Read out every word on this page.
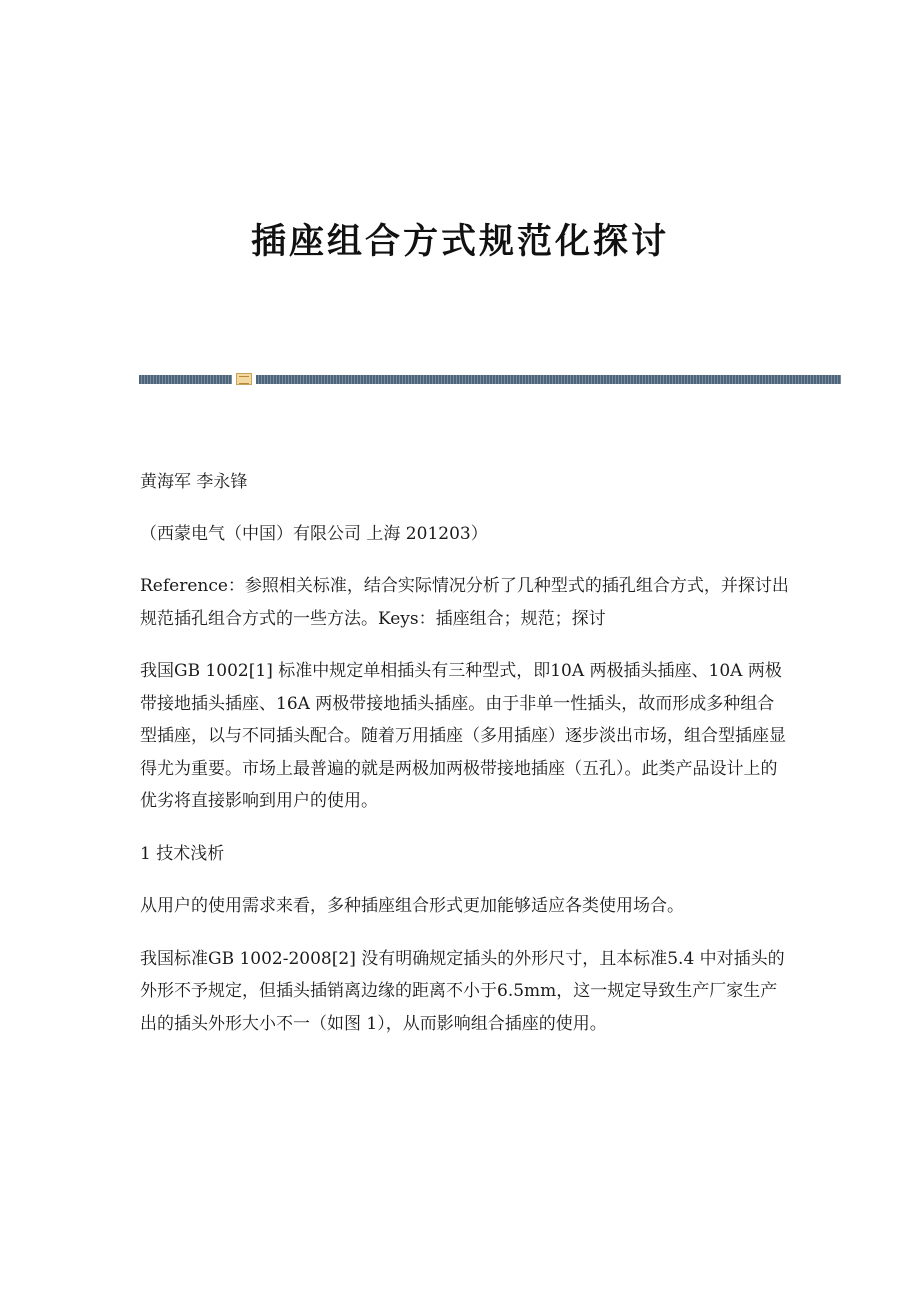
插座组合方式规范化探讨

黄海军 李永锋

（西蒙电气（中国）有限公司 上海 201203）

Reference：参照相关标准，结合实际情况分析了几种型式的插孔组合方式，并探讨出规范插孔组合方式的一些方法。Keys：插座组合；规范；探讨

我国GB 1002[1] 标准中规定单相插头有三种型式，即10A 两极插头插座、10A 两极带接地插头插座、16A 两极带接地插头插座。由于非单一性插头，故而形成多种组合型插座，以与不同插头配合。随着万用插座（多用插座）逐步淡出市场，组合型插座显得尤为重要。市场上最普遍的就是两极加两极带接地插座（五孔）。此类产品设计上的优劣将直接影响到用户的使用。

1 技术浅析

从用户的使用需求来看，多种插座组合形式更加能够适应各类使用场合。

我国标准GB 1002-2008[2] 没有明确规定插头的外形尺寸，且本标准5.4 中对插头的外形不予规定，但插头插销离边缘的距离不小于6.5mm，这一规定导致生产厂家生产出的插头外形大小不一（如图 1），从而影响组合插座的使用。
